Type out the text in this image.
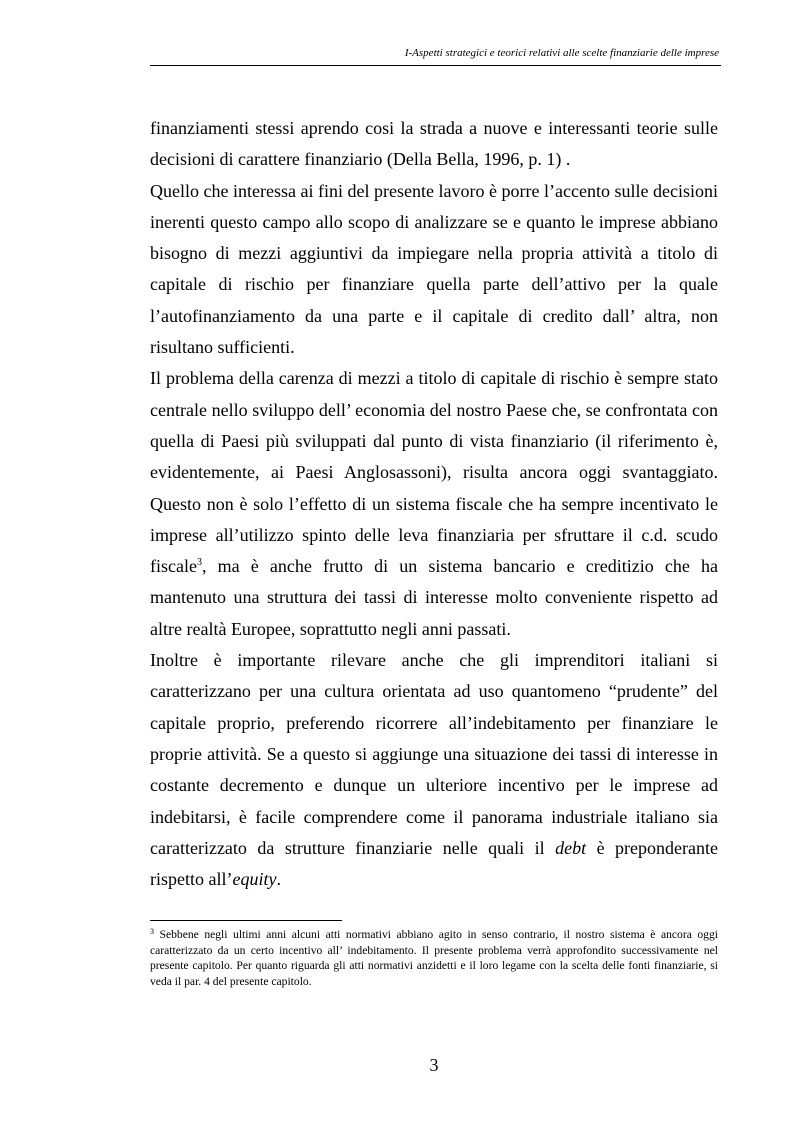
I-Aspetti strategici e teorici relativi alle scelte finanziarie delle imprese

finanziamenti stessi aprendo cosi la strada a nuove e interessanti teorie sulle decisioni di carattere finanziario (Della Bella, 1996, p. 1) .

Quello che interessa ai fini del presente lavoro è porre l’accento sulle decisioni inerenti questo campo allo scopo di analizzare se e quanto le imprese abbiano bisogno di mezzi aggiuntivi da impiegare nella propria attività a titolo di capitale di rischio per finanziare quella parte dell’attivo per la quale l’autofinanziamento da una parte e il capitale di credito dall’ altra, non risultano sufficienti.

Il problema della carenza di mezzi a titolo di capitale di rischio è sempre stato centrale nello sviluppo dell’ economia del nostro Paese che, se confrontata con quella di Paesi più sviluppati dal punto di vista finanziario (il riferimento è, evidentemente, ai Paesi Anglosassoni), risulta ancora oggi svantaggiato. Questo non è solo l’effetto di un sistema fiscale che ha sempre incentivato le imprese all’utilizzo spinto delle leva finanziaria per sfruttare il c.d. scudo fiscale$^3$, ma è anche frutto di un sistema bancario e creditizio che ha mantenuto una struttura dei tassi di interesse molto conveniente rispetto ad altre realtà Europee, soprattutto negli anni passati.

Inoltre è importante rilevare anche che gli imprenditori italiani si caratterizzano per una cultura orientata ad uso quantomeno “prudente” del capitale proprio, preferendo ricorrere all’indebitamento per finanziare le proprie attività. Se a questo si aggiunge una situazione dei tassi di interesse in costante decremento e dunque un ulteriore incentivo per le imprese ad indebitarsi, è facile comprendere come il panorama industriale italiano sia caratterizzato da strutture finanziarie nelle quali il debt è preponderante rispetto all’equity.

$^3$ Sebbene negli ultimi anni alcuni atti normativi abbiano agito in senso contrario, il nostro sistema è ancora oggi caratterizzato da un certo incentivo all’ indebitamento. Il presente problema verrà approfondito successivamente nel presente capitolo. Per quanto riguarda gli atti normativi anzidetti e il loro legame con la scelta delle fonti finanziarie, si veda il par. 4 del presente capitolo.
3
